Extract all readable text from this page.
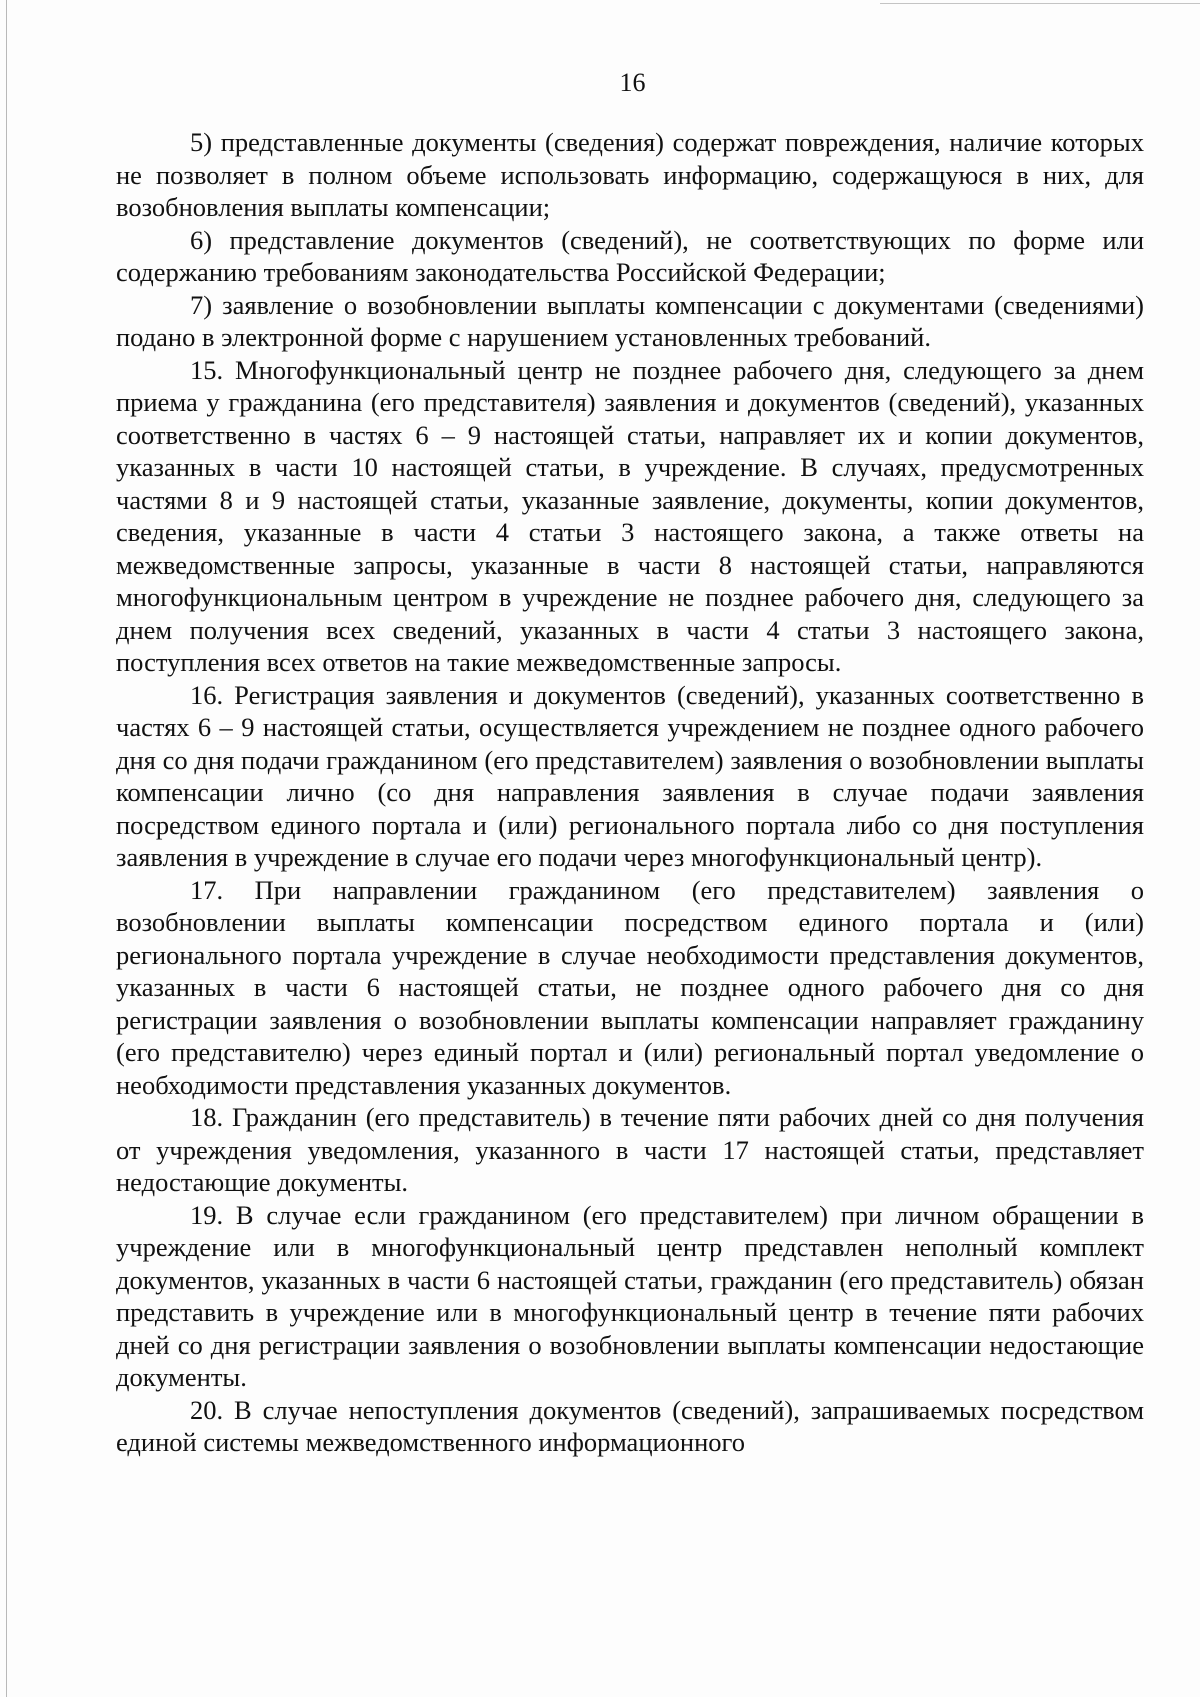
16

5) представленные документы (сведения) содержат повреждения, наличие которых не позволяет в полном объеме использовать информацию, содержащуюся в них, для возобновления выплаты компенсации;

6) представление документов (сведений), не соответствующих по форме или содержанию требованиям законодательства Российской Федерации;

7) заявление о возобновлении выплаты компенсации с документами (сведениями) подано в электронной форме с нарушением установленных требований.

15. Многофункциональный центр не позднее рабочего дня, следующего за днем приема у гражданина (его представителя) заявления и документов (сведений), указанных соответственно в частях 6 – 9 настоящей статьи, направляет их и копии документов, указанных в части 10 настоящей статьи, в учреждение. В случаях, предусмотренных частями 8 и 9 настоящей статьи, указанные заявление, документы, копии документов, сведения, указанные в части 4 статьи 3 настоящего закона, а также ответы на межведомственные запросы, указанные в части 8 настоящей статьи, направляются многофункциональным центром в учреждение не позднее рабочего дня, следующего за днем получения всех сведений, указанных в части 4 статьи 3 настоящего закона, поступления всех ответов на такие межведомственные запросы.

16. Регистрация заявления и документов (сведений), указанных соответственно в частях 6 – 9 настоящей статьи, осуществляется учреждением не позднее одного рабочего дня со дня подачи гражданином (его представителем) заявления о возобновлении выплаты компенсации лично (со дня направления заявления в случае подачи заявления посредством единого портала и (или) регионального портала либо со дня поступления заявления в учреждение в случае его подачи через многофункциональный центр).

17. При направлении гражданином (его представителем) заявления о возобновлении выплаты компенсации посредством единого портала и (или) регионального портала учреждение в случае необходимости представления документов, указанных в части 6 настоящей статьи, не позднее одного рабочего дня со дня регистрации заявления о возобновлении выплаты компенсации направляет гражданину (его представителю) через единый портал и (или) региональный портал уведомление о необходимости представления указанных документов.

18. Гражданин (его представитель) в течение пяти рабочих дней со дня получения от учреждения уведомления, указанного в части 17 настоящей статьи, представляет недостающие документы.

19. В случае если гражданином (его представителем) при личном обращении в учреждение или в многофункциональный центр представлен неполный комплект документов, указанных в части 6 настоящей статьи, гражданин (его представитель) обязан представить в учреждение или в многофункциональный центр в течение пяти рабочих дней со дня регистрации заявления о возобновлении выплаты компенсации недостающие документы.

20. В случае непоступления документов (сведений), запрашиваемых посредством единой системы межведомственного информационного
